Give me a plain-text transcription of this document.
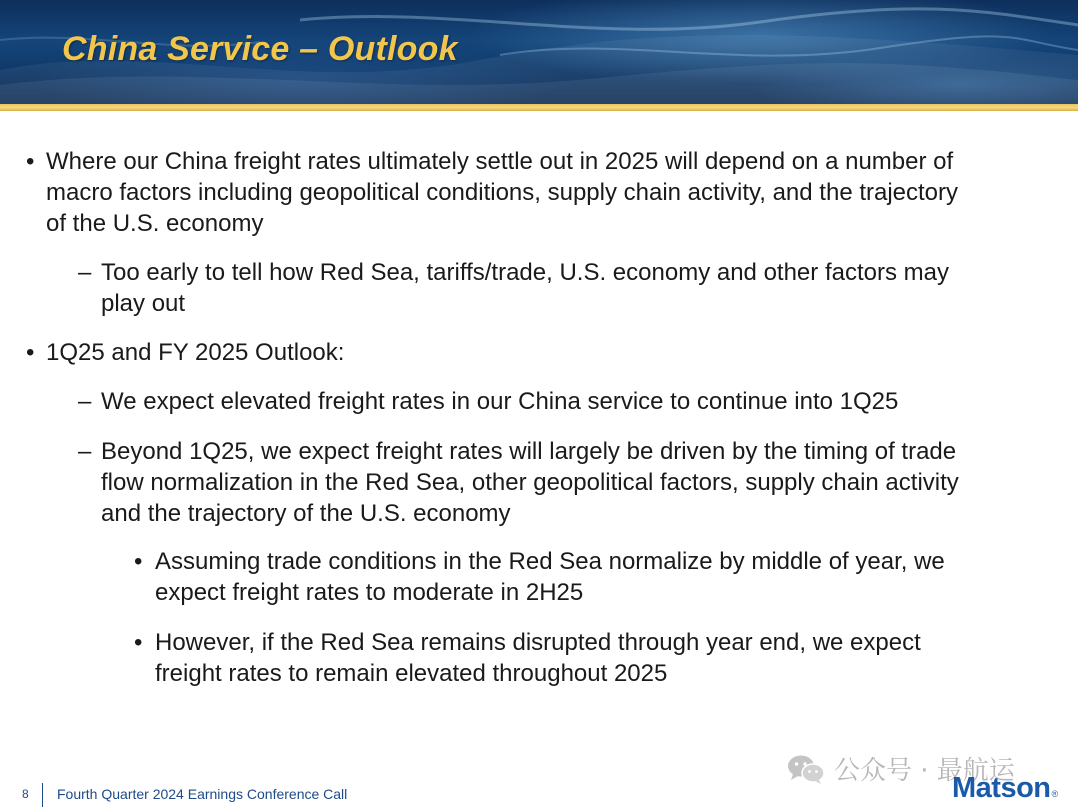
China Service – Outlook
• Where our China freight rates ultimately settle out in 2025 will depend on a number of
macro factors including geopolitical conditions, supply chain activity, and the trajectory
of the U.S. economy

– Too early to tell how Red Sea, tariffs/trade, U.S. economy and other factors may
play out

• 1Q25 and FY 2025 Outlook:

– We expect elevated freight rates in our China service to continue into 1Q25

– Beyond 1Q25, we expect freight rates will largely be driven by the timing of trade
flow normalization in the Red Sea, other geopolitical factors, supply chain activity
and the trajectory of the U.S. economy

• Assuming trade conditions in the Red Sea normalize by middle of year, we
expect freight rates to moderate in 2H25

• However, if the Red Sea remains disrupted through year end, we expect
freight rates to remain elevated throughout 2025

公众号 · 最航运
8 Fourth Quarter 2024 Earnings Conference Call	Matson®
